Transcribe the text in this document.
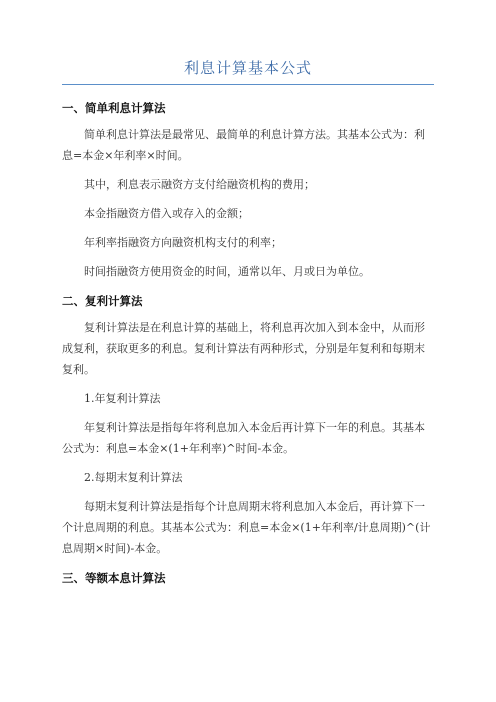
利息计算基本公式
一、简单利息计算法

简单利息计算法是最常见、最简单的利息计算方法。其基本公式为：利息=本金×年利率×时间。

其中，利息表示融资方支付给融资机构的费用；

本金指融资方借入或存入的金额；

年利率指融资方向融资机构支付的利率；

时间指融资方使用资金的时间，通常以年、月或日为单位。

二、复利计算法

复利计算法是在利息计算的基础上，将利息再次加入到本金中，从而形成复利，获取更多的利息。复利计算法有两种形式，分别是年复利和每期末复利。

1.年复利计算法

年复利计算法是指每年将利息加入本金后再计算下一年的利息。其基本公式为：利息=本金×(1+年利率)^时间-本金。

2.每期末复利计算法

每期末复利计算法是指每个计息周期末将利息加入本金后，再计算下一个计息周期的利息。其基本公式为：利息=本金×(1+年利率/计息周期)^(计息周期×时间)-本金。

三、等额本息计算法
